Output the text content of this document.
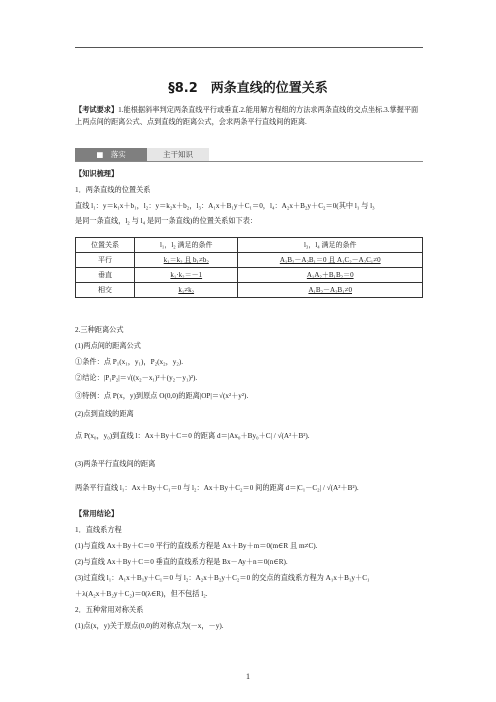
§8.2　两条直线的位置关系
【考试要求】1.能根据斜率判定两条直线平行或垂直.2.能用解方程组的方法求两条直线的交点坐标.3.掌握平面上两点间的距离公式、点到直线的距离公式，会求两条平行直线间的距离.
■　落实	主干知识
【知识梳理】
1．两条直线的位置关系
直线 l₁：y＝k₁x＋b₁，l₂：y＝k₂x＋b₂，l₃：A₁x＋B₁y＋C₁＝0，l₄：A₂x＋B₂y＋C₂＝0(其中 l₁ 与 l₃
是同一条直线，l₂ 与 l₄ 是同一条直线)的位置关系如下表：
位置关系	l₁，l₂ 满足的条件	l₃，l₄ 满足的条件
平行	k₁＝k₂ 且 b₁≠b₂	A₁B₂－A₂B₁＝0 且 A₁C₂－A₂C₁≠0
垂直	k₁·k₂＝－1	A₁A₂＋B₁B₂＝0
相交	k₁≠k₂	A₁B₂－A₂B₁≠0
2.三种距离公式
(1)两点间的距离公式
①条件：点 P₁(x₁，y₁)，P₂(x₂，y₂).
②结论：|P₁P₂|＝√((x₂－x₁)²＋(y₂－y₁)²).
③特例：点 P(x，y)到原点 O(0,0)的距离|OP|＝√(x²＋y²).
(2)点到直线的距离
点 P(x₀，y₀)到直线 l：Ax＋By＋C＝0 的距离 d＝|Ax₀＋By₀＋C| / √(A²＋B²).
(3)两条平行直线间的距离
两条平行直线 l₁：Ax＋By＋C₁＝0 与 l₂：Ax＋By＋C₂＝0 间的距离 d＝|C₁－C₂| / √(A²＋B²).
【常用结论】
1．直线系方程
(1)与直线 Ax＋By＋C＝0 平行的直线系方程是 Ax＋By＋m＝0(m∈R 且 m≠C).
(2)与直线 Ax＋By＋C＝0 垂直的直线系方程是 Bx－Ay＋n＝0(n∈R).
(3)过直线 l₁：A₁x＋B₁y＋C₁＝0 与 l₂：A₂x＋B₂y＋C₂＝0 的交点的直线系方程为 A₁x＋B₁y＋C₁
＋λ(A₂x＋B₂y＋C₂)＝0(λ∈R)，但不包括 l₂.
2．五种常用对称关系
(1)点(x，y)关于原点(0,0)的对称点为(－x，－y).
1
